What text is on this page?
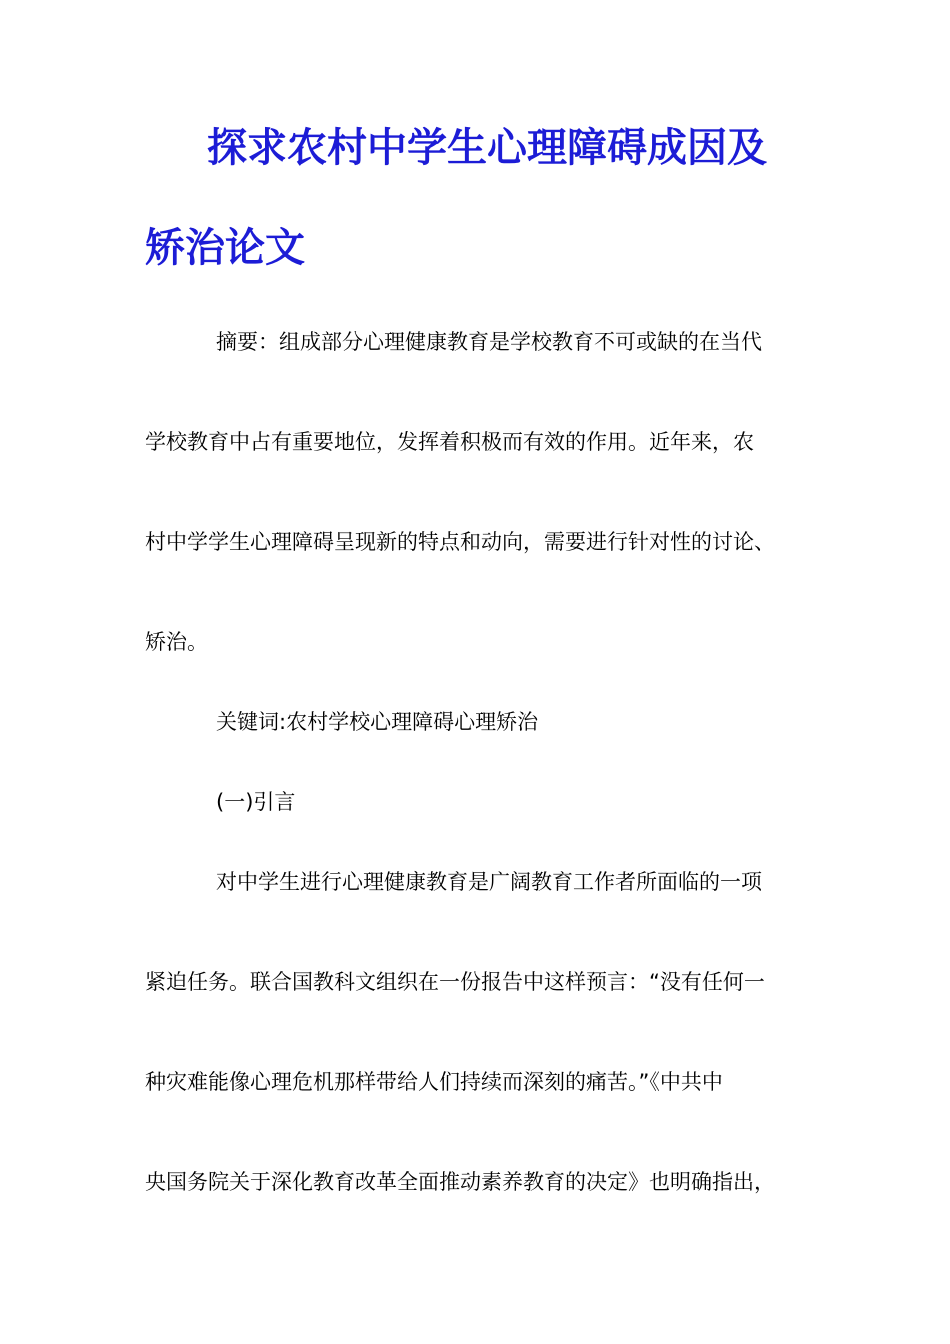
探求农村中学生心理障碍成因及
矫治论文
摘要：组成部分心理健康教育是学校教育不可或缺的在当代
学校教育中占有重要地位，发挥着积极而有效的作用。近年来，农
村中学学生心理障碍呈现新的特点和动向，需要进行针对性的讨论、
矫治。
关键词:农村学校心理障碍心理矫治
(一)引言
对中学生进行心理健康教育是广阔教育工作者所面临的一项
紧迫任务。联合国教科文组织在一份报告中这样预言：“没有任何一
种灾难能像心理危机那样带给人们持续而深刻的痛苦。”《中共中
央国务院关于深化教育改革全面推动素养教育的决定》也明确指出，
